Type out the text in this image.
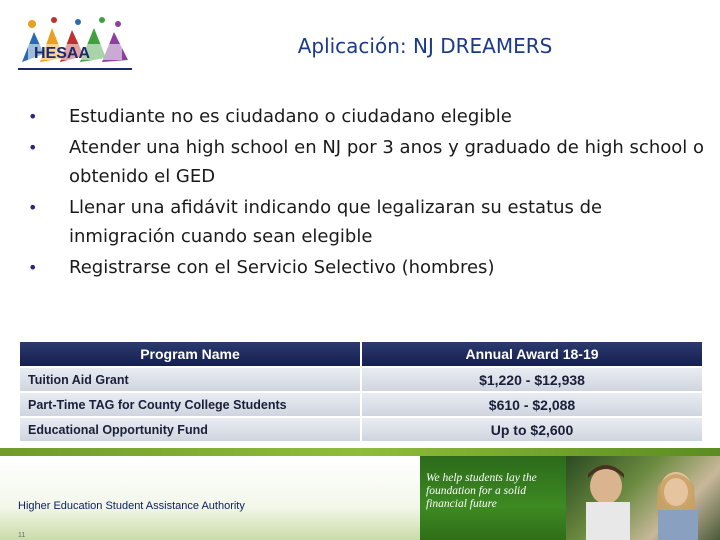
HESAA	Aplicación: NJ DREAMERS
• Estudiante no es ciudadano o ciudadano elegible
• Atender una high school en NJ por 3 anos y graduado de high school o obtenido el GED
• Llenar una afidávit indicando que legalizaran su estatus de inmigración cuando sean elegible
• Registrarse con el Servicio Selectivo (hombres)
Program Name	Annual Award 18-19
Tuition Aid Grant	$1,220 - $12,938
Part-Time TAG for County College Students	$610 - $2,088
Educational Opportunity Fund	Up to $2,600
Higher Education Student Assistance Authority
11
We help students lay the foundation for a solid financial future
